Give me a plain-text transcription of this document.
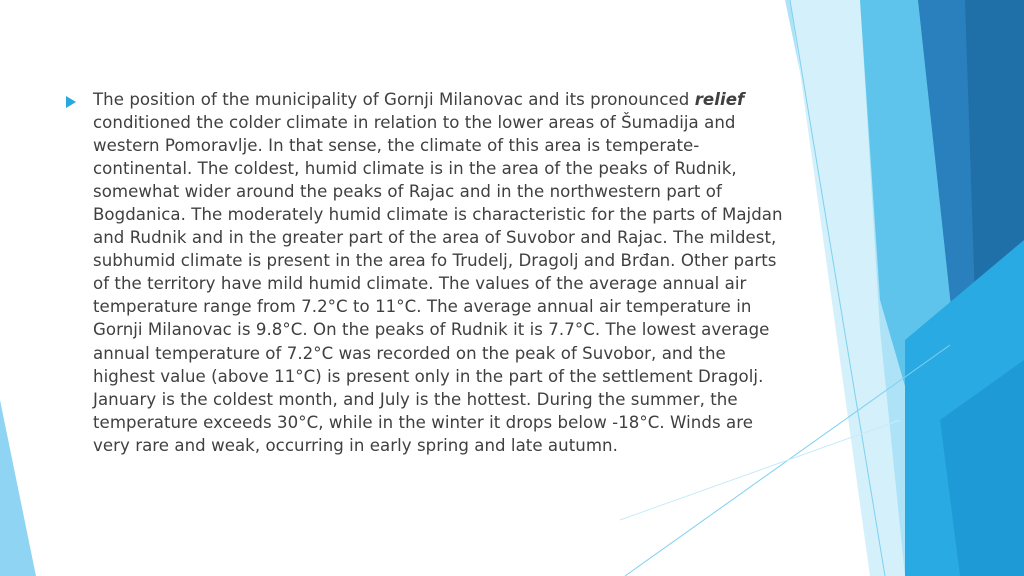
The position of the municipality of Gornji Milanovac and its pronounced relief conditioned the colder climate in relation to the lower areas of Šumadija and western Pomoravlje. In that sense, the climate of this area is temperate-continental. The coldest, humid climate is in the area of the peaks of Rudnik, somewhat wider around the peaks of Rajac and in the northwestern part of Bogdanica. The moderately humid climate is characteristic for the parts of Majdan and Rudnik and in the greater part of the area of Suvobor and Rajac. The mildest, subhumid climate is present in the area fo Trudelj, Dragolj and Brđan. Other parts of the territory have mild humid climate. The values of the average annual air temperature range from 7.2°C to 11°C. The average annual air temperature in Gornji Milanovac is 9.8°C. On the peaks of Rudnik it is 7.7°C. The lowest average annual temperature of 7.2°C was recorded on the peak of Suvobor, and the highest value (above 11°C) is present only in the part of the settlement Dragolj. January is the coldest month, and July is the hottest. During the summer, the temperature exceeds 30°C, while in the winter it drops below -18°C. Winds are very rare and weak, occurring in early spring and late autumn.
